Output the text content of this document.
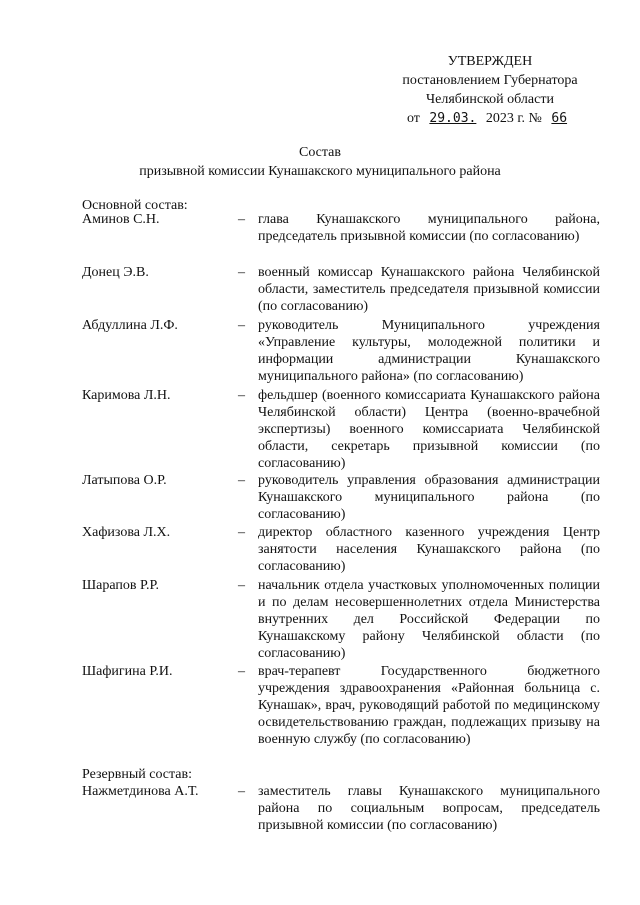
УТВЕРЖДЕН
постановлением Губернатора
Челябинской области
от 29.03. 2023 г. № 66
Состав
призывной комиссии Кунашакского муниципального района
Основной состав:
Аминов С.Н.	– глава Кунашакского муниципального района, председатель призывной комиссии (по согласованию)
Донец Э.В.	– военный комиссар Кунашакского района Челябинской области, заместитель председателя призывной комиссии (по согласованию)
Абдуллина Л.Ф.	– руководитель Муниципального учреждения «Управление культуры, молодежной политики и информации администрации Кунашакского муниципального района» (по согласованию)
Каримова Л.Н.	– фельдшер (военного комиссариата Кунашакского района Челябинской области) Центра (военно-врачебной экспертизы) военного комиссариата Челябинской области, секретарь призывной комиссии (по согласованию)
Латыпова О.Р.	– руководитель управления образования администрации Кунашакского муниципального района (по согласованию)
Хафизова Л.Х.	– директор областного казенного учреждения Центр занятости населения Кунашакского района (по согласованию)
Шарапов Р.Р.	– начальник отдела участковых уполномоченных полиции и по делам несовершеннолетних отдела Министерства внутренних дел Российской Федерации по Кунашакскому району Челябинской области (по согласованию)
Шафигина Р.И.	– врач-терапевт Государственного бюджетного учреждения здравоохранения «Районная больница с. Кунашак», врач, руководящий работой по медицинскому освидетельствованию граждан, подлежащих призыву на военную службу (по согласованию)
Резервный состав:
Нажметдинова А.Т.	– заместитель главы Кунашакского муниципального района по социальным вопросам, председатель призывной комиссии (по согласованию)
